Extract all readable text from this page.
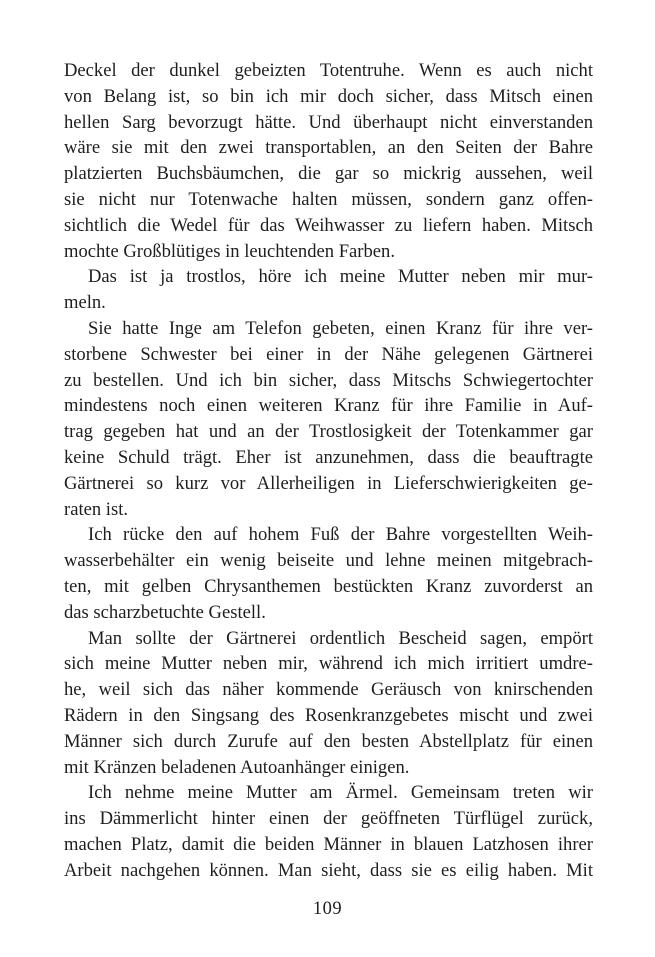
Deckel der dunkel gebeizten Totentruhe. Wenn es auch nicht
von Belang ist, so bin ich mir doch sicher, dass Mitsch einen
hellen Sarg bevorzugt hätte. Und überhaupt nicht einverstanden
wäre sie mit den zwei transportablen, an den Seiten der Bahre
platzierten Buchsbäumchen, die gar so mickrig aussehen, weil
sie nicht nur Totenwache halten müssen, sondern ganz offen-
sichtlich die Wedel für das Weihwasser zu liefern haben. Mitsch
mochte Großblütiges in leuchtenden Farben.
Das ist ja trostlos, höre ich meine Mutter neben mir mur-
meln.
Sie hatte Inge am Telefon gebeten, einen Kranz für ihre ver-
storbene Schwester bei einer in der Nähe gelegenen Gärtnerei
zu bestellen. Und ich bin sicher, dass Mitschs Schwiegertochter
mindestens noch einen weiteren Kranz für ihre Familie in Auf-
trag gegeben hat und an der Trostlosigkeit der Totenkammer gar
keine Schuld trägt. Eher ist anzunehmen, dass die beauftragte
Gärtnerei so kurz vor Allerheiligen in Lieferschwierigkeiten ge-
raten ist.
Ich rücke den auf hohem Fuß der Bahre vorgestellten Weih-
wasserbehälter ein wenig beiseite und lehne meinen mitgebrach-
ten, mit gelben Chrysanthemen bestückten Kranz zuvorderst an
das scharzbetuchte Gestell.
Man sollte der Gärtnerei ordentlich Bescheid sagen, empört
sich meine Mutter neben mir, während ich mich irritiert umdre-
he, weil sich das näher kommende Geräusch von knirschenden
Rädern in den Singsang des Rosenkranzgebetes mischt und zwei
Männer sich durch Zurufe auf den besten Abstellplatz für einen
mit Kränzen beladenen Autoanhänger einigen.
Ich nehme meine Mutter am Ärmel. Gemeinsam treten wir
ins Dämmerlicht hinter einen der geöffneten Türflügel zurück,
machen Platz, damit die beiden Männer in blauen Latzhosen ihrer
Arbeit nachgehen können. Man sieht, dass sie es eilig haben. Mit
109
